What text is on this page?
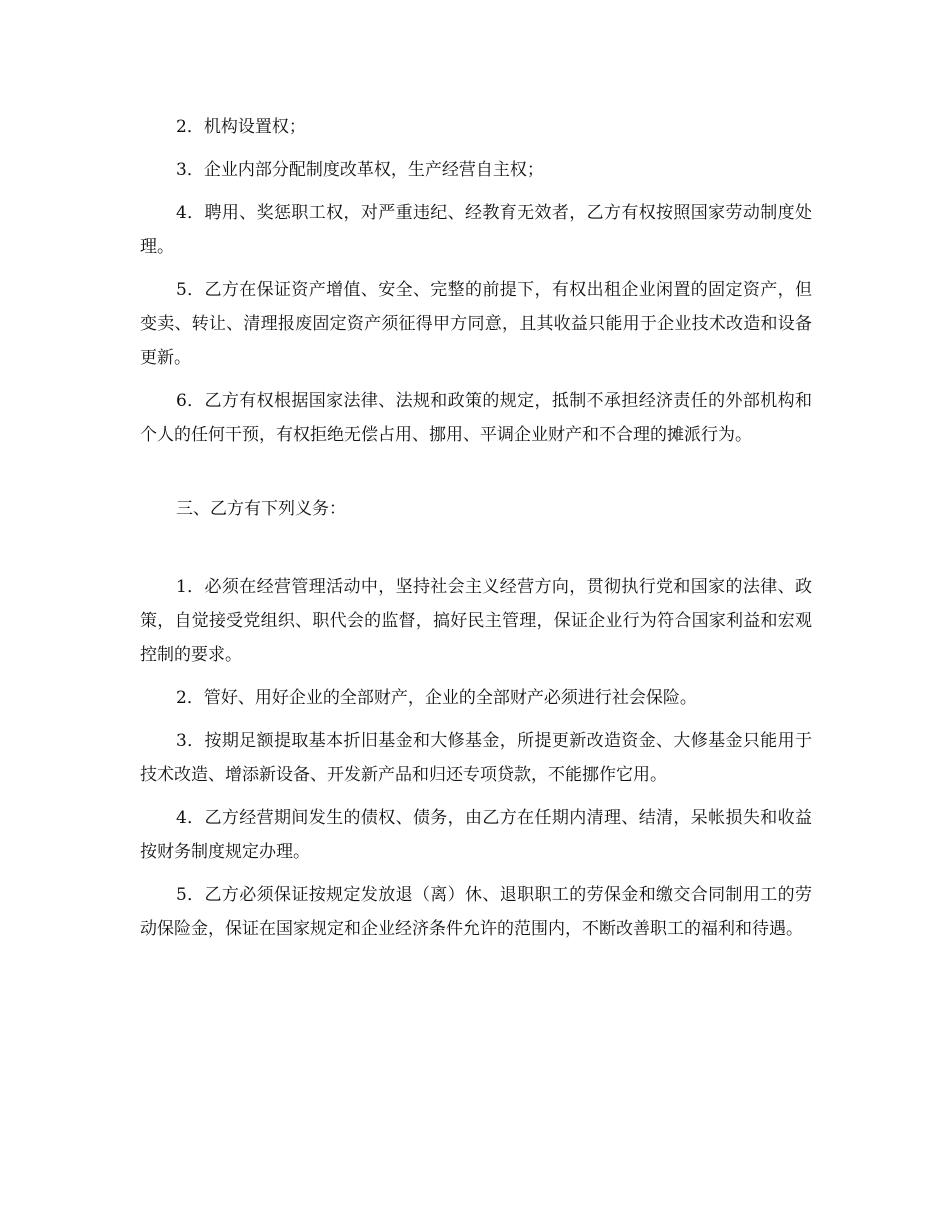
2．机构设置权；

3．企业内部分配制度改革权，生产经营自主权；

4．聘用、奖惩职工权，对严重违纪、经教育无效者，乙方有权按照国家劳动制度处理。

5．乙方在保证资产增值、安全、完整的前提下，有权出租企业闲置的固定资产，但变卖、转让、清理报废固定资产须征得甲方同意，且其收益只能用于企业技术改造和设备更新。

6．乙方有权根据国家法律、法规和政策的规定，抵制不承担经济责任的外部机构和个人的任何干预，有权拒绝无偿占用、挪用、平调企业财产和不合理的摊派行为。

三、乙方有下列义务：

1．必须在经营管理活动中，坚持社会主义经营方向，贯彻执行党和国家的法律、政策，自觉接受党组织、职代会的监督，搞好民主管理，保证企业行为符合国家利益和宏观控制的要求。

2．管好、用好企业的全部财产，企业的全部财产必须进行社会保险。

3．按期足额提取基本折旧基金和大修基金，所提更新改造资金、大修基金只能用于技术改造、增添新设备、开发新产品和归还专项贷款，不能挪作它用。

4．乙方经营期间发生的债权、债务，由乙方在任期内清理、结清，呆帐损失和收益按财务制度规定办理。

5．乙方必须保证按规定发放退（离）休、退职职工的劳保金和缴交合同制用工的劳动保险金，保证在国家规定和企业经济条件允许的范围内，不断改善职工的福利和待遇。
